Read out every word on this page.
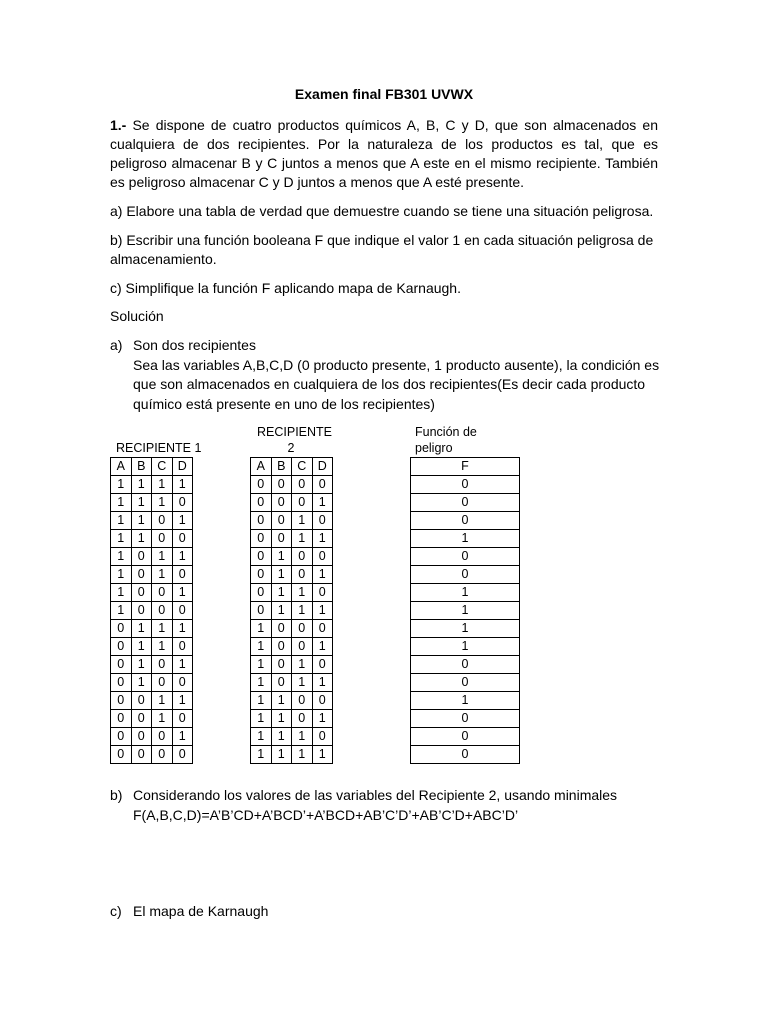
Examen final FB301 UVWX
1.- Se dispone de cuatro productos químicos A, B, C y D, que son almacenados en cualquiera de dos recipientes. Por la naturaleza de los productos es tal, que es peligroso almacenar B y C juntos a menos que A este en el mismo recipiente. También es peligroso almacenar C y D juntos a menos que A esté presente.
a) Elabore una tabla de verdad que demuestre cuando se tiene una situación peligrosa.
b) Escribir una función booleana F que indique el valor 1 en cada situación peligrosa de almacenamiento.
c) Simplifique la función F aplicando mapa de Karnaugh.
Solución
a) Son dos recipientes
Sea las variables A,B,C,D (0 producto presente, 1 producto ausente), la condición es que son almacenados en cualquiera de los dos recipientes(Es decir cada producto químico está presente en uno de los recipientes)
RECIPIENTE 1
RECIPIENTE
2
Función de
peligro
A	B	C	D
1	1	1	1
1	1	1	0
1	1	0	1
1	1	0	0
1	0	1	1
1	0	1	0
1	0	0	1
1	0	0	0
0	1	1	1
0	1	1	0
0	1	0	1
0	1	0	0
0	0	1	1
0	0	1	0
0	0	0	1
0	0	0	0
A	B	C	D
0	0	0	0
0	0	0	1
0	0	1	0
0	0	1	1
0	1	0	0
0	1	0	1
0	1	1	0
0	1	1	1
1	0	0	0
1	0	0	1
1	0	1	0
1	0	1	1
1	1	0	0
1	1	0	1
1	1	1	0
1	1	1	1
F
0
0
0
1
0
0
1
1
1
1
0
0
1
0
0
0
b) Considerando los valores de las variables del Recipiente 2, usando minimales
F(A,B,C,D)=A’B’CD+A’BCD’+A’BCD+AB’C’D’+AB’C’D+ABC’D’
c) El mapa de Karnaugh
